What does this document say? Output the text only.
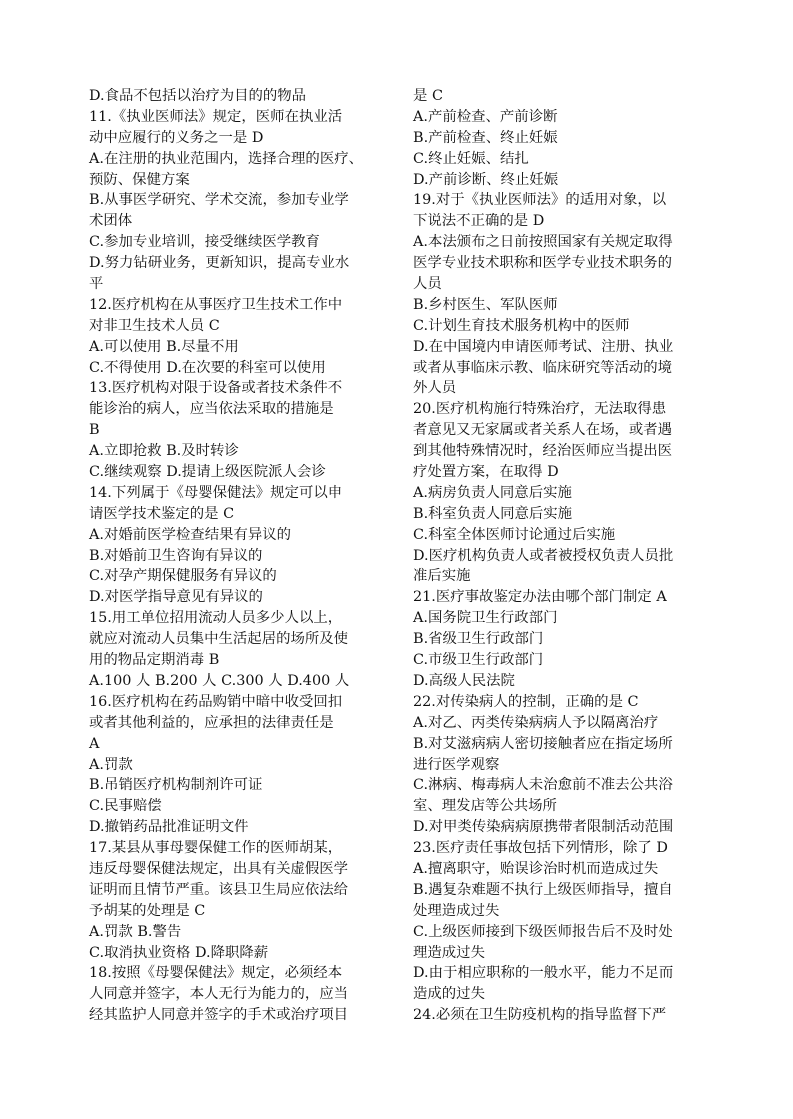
D.食品不包括以治疗为目的的物品
11.《执业医师法》规定，医师在执业活
动中应履行的义务之一是 D
A.在注册的执业范围内，选择合理的医疗、
预防、保健方案
B.从事医学研究、学术交流，参加专业学
术团体
C.参加专业培训，接受继续医学教育
D.努力钻研业务，更新知识，提高专业水
平
12.医疗机构在从事医疗卫生技术工作中
对非卫生技术人员 C
A.可以使用 B.尽量不用
C.不得使用 D.在次要的科室可以使用
13.医疗机构对限于设备或者技术条件不
能诊治的病人，应当依法采取的措施是
B
A.立即抢救 B.及时转诊
C.继续观察 D.提请上级医院派人会诊
14.下列属于《母婴保健法》规定可以申
请医学技术鉴定的是 C
A.对婚前医学检查结果有异议的
B.对婚前卫生咨询有异议的
C.对孕产期保健服务有异议的
D.对医学指导意见有异议的
15.用工单位招用流动人员多少人以上，
就应对流动人员集中生活起居的场所及使
用的物品定期消毒 B
A.100 人 B.200 人 C.300 人 D.400 人
16.医疗机构在药品购销中暗中收受回扣
或者其他利益的，应承担的法律责任是
A
A.罚款
B.吊销医疗机构制剂许可证
C.民事赔偿
D.撤销药品批准证明文件
17.某县从事母婴保健工作的医师胡某，
违反母婴保健法规定，出具有关虚假医学
证明而且情节严重。该县卫生局应依法给
予胡某的处理是 C
A.罚款 B.警告
C.取消执业资格 D.降职降薪
18.按照《母婴保健法》规定，必须经本
人同意并签字，本人无行为能力的，应当
经其监护人同意并签字的手术或治疗项目
是 C
A.产前检查、产前诊断
B.产前检查、终止妊娠
C.终止妊娠、结扎
D.产前诊断、终止妊娠
19.对于《执业医师法》的适用对象，以
下说法不正确的是 D
A.本法颁布之日前按照国家有关规定取得
医学专业技术职称和医学专业技术职务的
人员
B.乡村医生、军队医师
C.计划生育技术服务机构中的医师
D.在中国境内申请医师考试、注册、执业
或者从事临床示教、临床研究等活动的境
外人员
20.医疗机构施行特殊治疗，无法取得患
者意见又无家属或者关系人在场，或者遇
到其他特殊情况时，经治医师应当提出医
疗处置方案，在取得 D
A.病房负责人同意后实施
B.科室负责人同意后实施
C.科室全体医师讨论通过后实施
D.医疗机构负责人或者被授权负责人员批
准后实施
21.医疗事故鉴定办法由哪个部门制定 A
A.国务院卫生行政部门
B.省级卫生行政部门
C.市级卫生行政部门
D.高级人民法院
22.对传染病人的控制，正确的是 C
A.对乙、丙类传染病病人予以隔离治疗
B.对艾滋病病人密切接触者应在指定场所
进行医学观察
C.淋病、梅毒病人未治愈前不准去公共浴
室、理发店等公共场所
D.对甲类传染病病原携带者限制活动范围
23.医疗责任事故包括下列情形，除了 D
A.擅离职守，贻误诊治时机而造成过失
B.遇复杂难题不执行上级医师指导，擅自
处理造成过失
C.上级医师接到下级医师报告后不及时处
理造成过失
D.由于相应职称的一般水平，能力不足而
造成的过失
24.必须在卫生防疫机构的指导监督下严
